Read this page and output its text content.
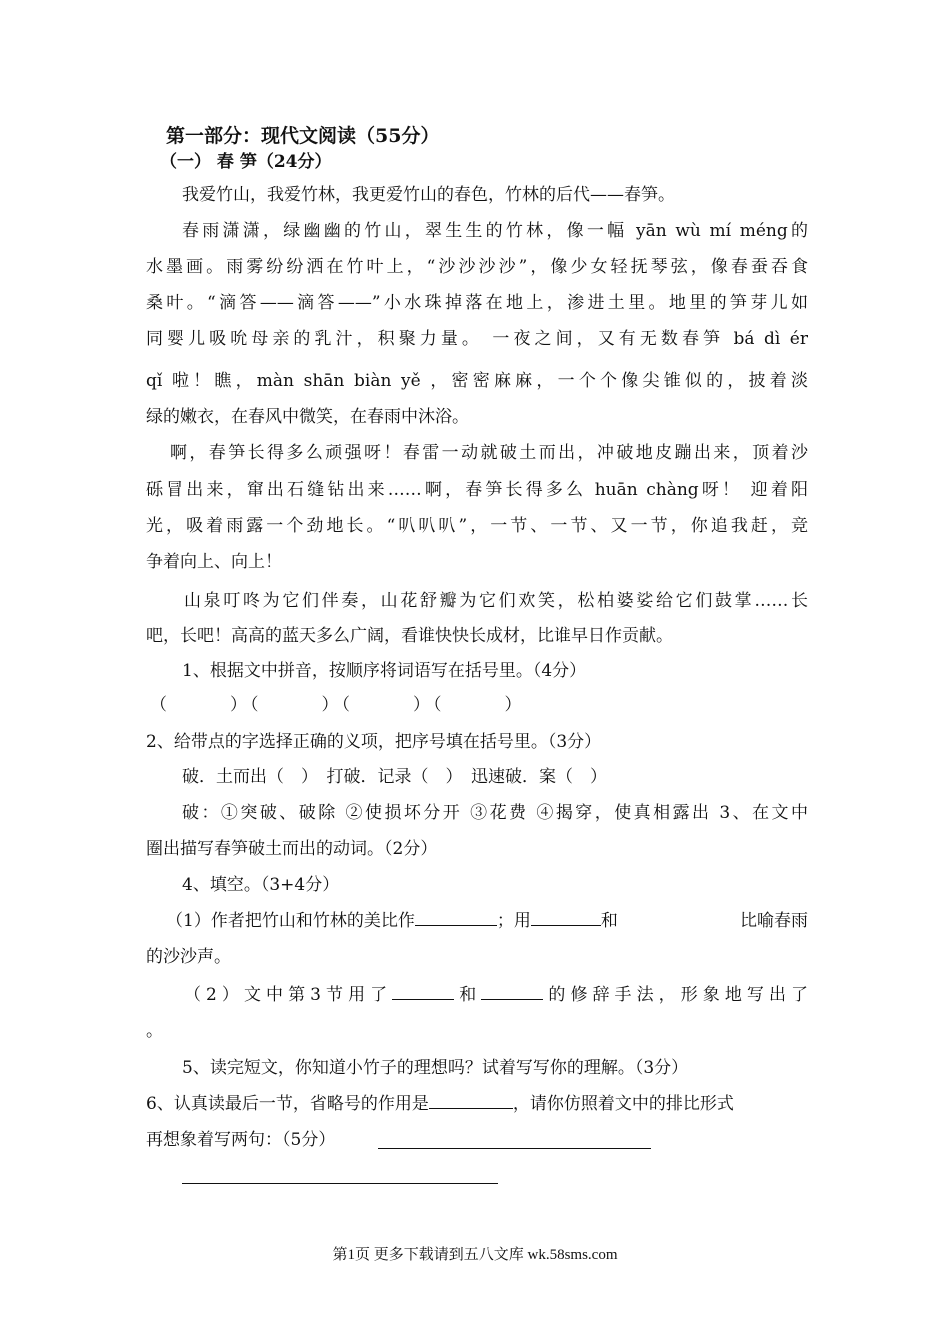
第一部分：现代文阅读（55分）
（一） 春 笋（24分）
我爱竹山，我爱竹林，我更爱竹山的春色，竹林的后代——春笋。
春雨潇潇，绿幽幽的竹山，翠生生的竹林，像一幅 yān wù mí méng的
水墨画。雨雾纷纷洒在竹叶上，“沙沙沙沙”，像少女轻抚琴弦，像春蚕吞食
桑叶。“滴答——滴答——”小水珠掉落在地上，渗进土里。地里的笋芽儿如
同婴儿吸吮母亲的乳汁，积聚力量。 一夜之间，又有无数春笋 bá dì ér
qǐ 啦！瞧，màn shān biàn yě ，密密麻麻，一个个像尖锥似的，披着淡
绿的嫩衣，在春风中微笑，在春雨中沐浴。
啊，春笋长得多么顽强呀！春雷一动就破土而出，冲破地皮蹦出来，顶着沙
砾冒出来，窜出石缝钻出来……啊，春笋长得多么 huān chàng呀！ 迎着阳
光，吸着雨露一个劲地长。“叭叭叭”，一节、一节、又一节，你追我赶，竞
争着向上、向上！
山泉叮咚为它们伴奏，山花舒瓣为它们欢笑，松柏婆娑给它们鼓掌……长
吧，长吧！高高的蓝天多么广阔，看谁快快长成材，比谁早日作贡献。
1、根据文中拼音，按顺序将词语写在括号里。（4分）
（　　　）（　　　）（　　　）（　　　）
2、给带点的字选择正确的义项，把序号填在括号里。（3分）
破．土而出（　）　打破．记录（　）　迅速破．案（　）
破：①突破、破除 ②使损坏分开 ③花费 ④揭穿，使真相露出 3、在文中
圈出描写春笋破土而出的动词。（2分）
4、填空。（3+4分）
（1）作者把竹山和竹林的美比作	；用	和	比喻春雨
的沙沙声。
（2）文中第3节用了	和	的修辞手法，形象地写出了
。
5、读完短文，你知道小竹子的理想吗？试着写写你的理解。（3分）
6、认真读最后一节，省略号的作用是	，请你仿照着文中的排比形式
再想象着写两句：（5分）
第1页 更多下载请到五八文库 wk.58sms.com
